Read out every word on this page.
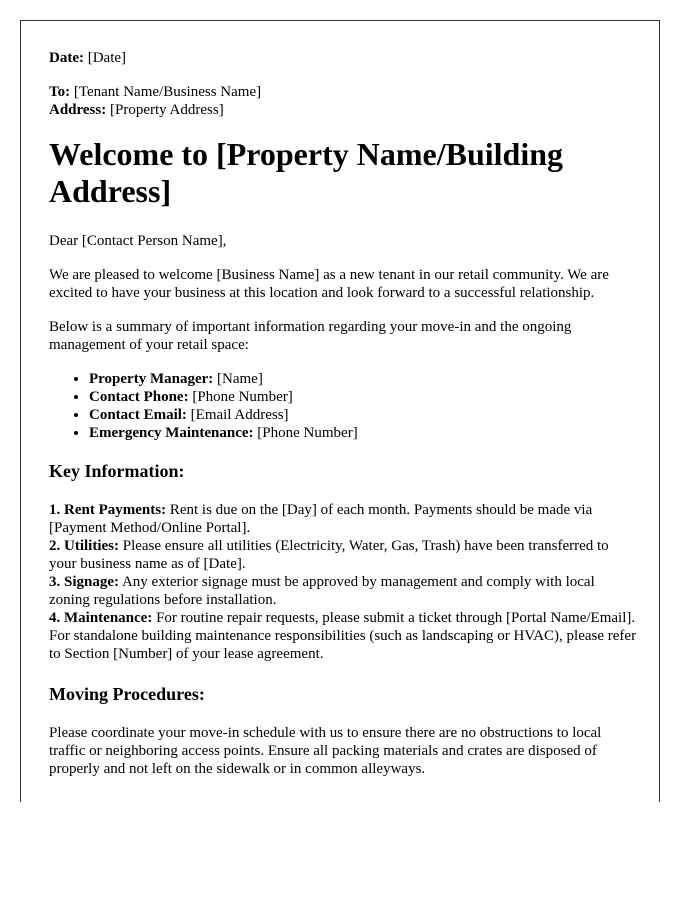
Date: [Date]
To: [Tenant Name/Business Name]
Address: [Property Address]
Welcome to [Property Name/Building Address]

Dear [Contact Person Name],

We are pleased to welcome [Business Name] as a new tenant in our retail community. We are excited to have your business at this location and look forward to a successful relationship.

Below is a summary of important information regarding your move-in and the ongoing management of your retail space:

• Property Manager: [Name]
• Contact Phone: [Phone Number]
• Contact Email: [Email Address]
• Emergency Maintenance: [Phone Number]
Key Information:
1. Rent Payments: Rent is due on the [Day] of each month. Payments should be made via [Payment Method/Online Portal].
2. Utilities: Please ensure all utilities (Electricity, Water, Gas, Trash) have been transferred to your business name as of [Date].
3. Signage: Any exterior signage must be approved by management and comply with local zoning regulations before installation.
4. Maintenance: For routine repair requests, please submit a ticket through [Portal Name/Email]. For standalone building maintenance responsibilities (such as landscaping or HVAC), please refer to Section [Number] of your lease agreement.
Moving Procedures:

Please coordinate your move-in schedule with us to ensure there are no obstructions to local traffic or neighboring access points. Ensure all packing materials and crates are disposed of properly and not left on the sidewalk or in common alleyways.
